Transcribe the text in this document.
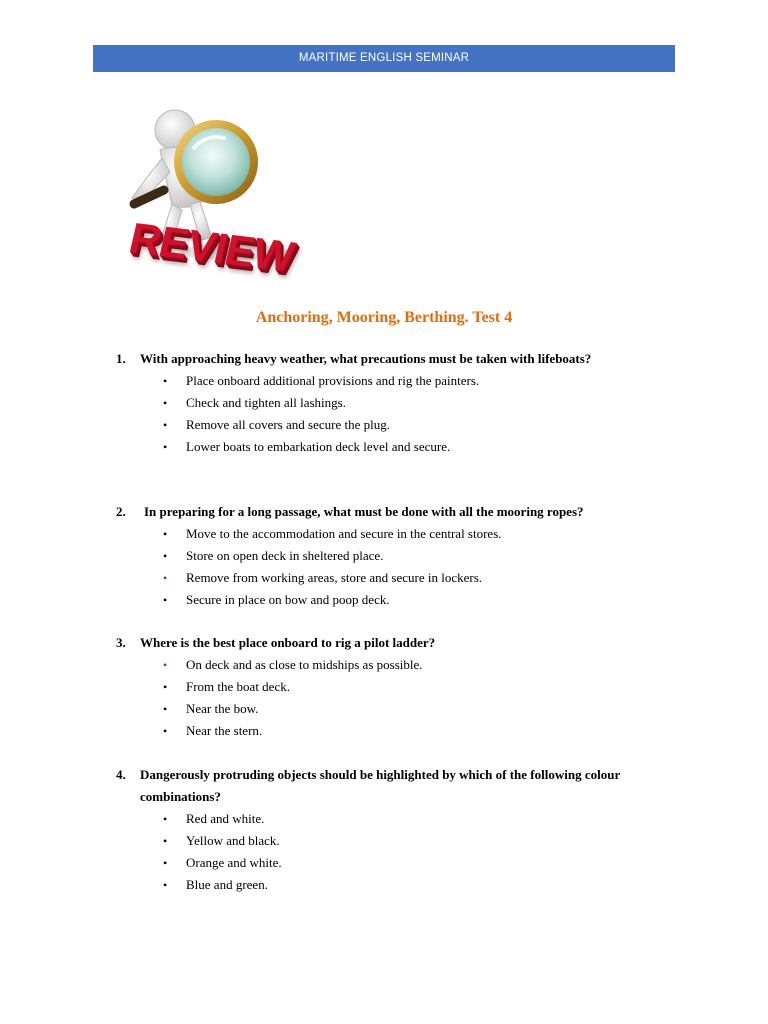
MARITIME ENGLISH SEMINAR
REVIEW
Anchoring, Mooring, Berthing. Test 4
1. With approaching heavy weather, what precautions must be taken with lifeboats?
• Place onboard additional provisions and rig the painters.
• Check and tighten all lashings.
• Remove all covers and secure the plug.
• Lower boats to embarkation deck level and secure.
2. In preparing for a long passage, what must be done with all the mooring ropes?
• Move to the accommodation and secure in the central stores.
• Store on open deck in sheltered place.
• Remove from working areas, store and secure in lockers.
• Secure in place on bow and poop deck.
3. Where is the best place onboard to rig a pilot ladder?
• On deck and as close to midships as possible.
• From the boat deck.
• Near the bow.
• Near the stern.
4. Dangerously protruding objects should be highlighted by which of the following colour combinations?
• Red and white.
• Yellow and black.
• Orange and white.
• Blue and green.
